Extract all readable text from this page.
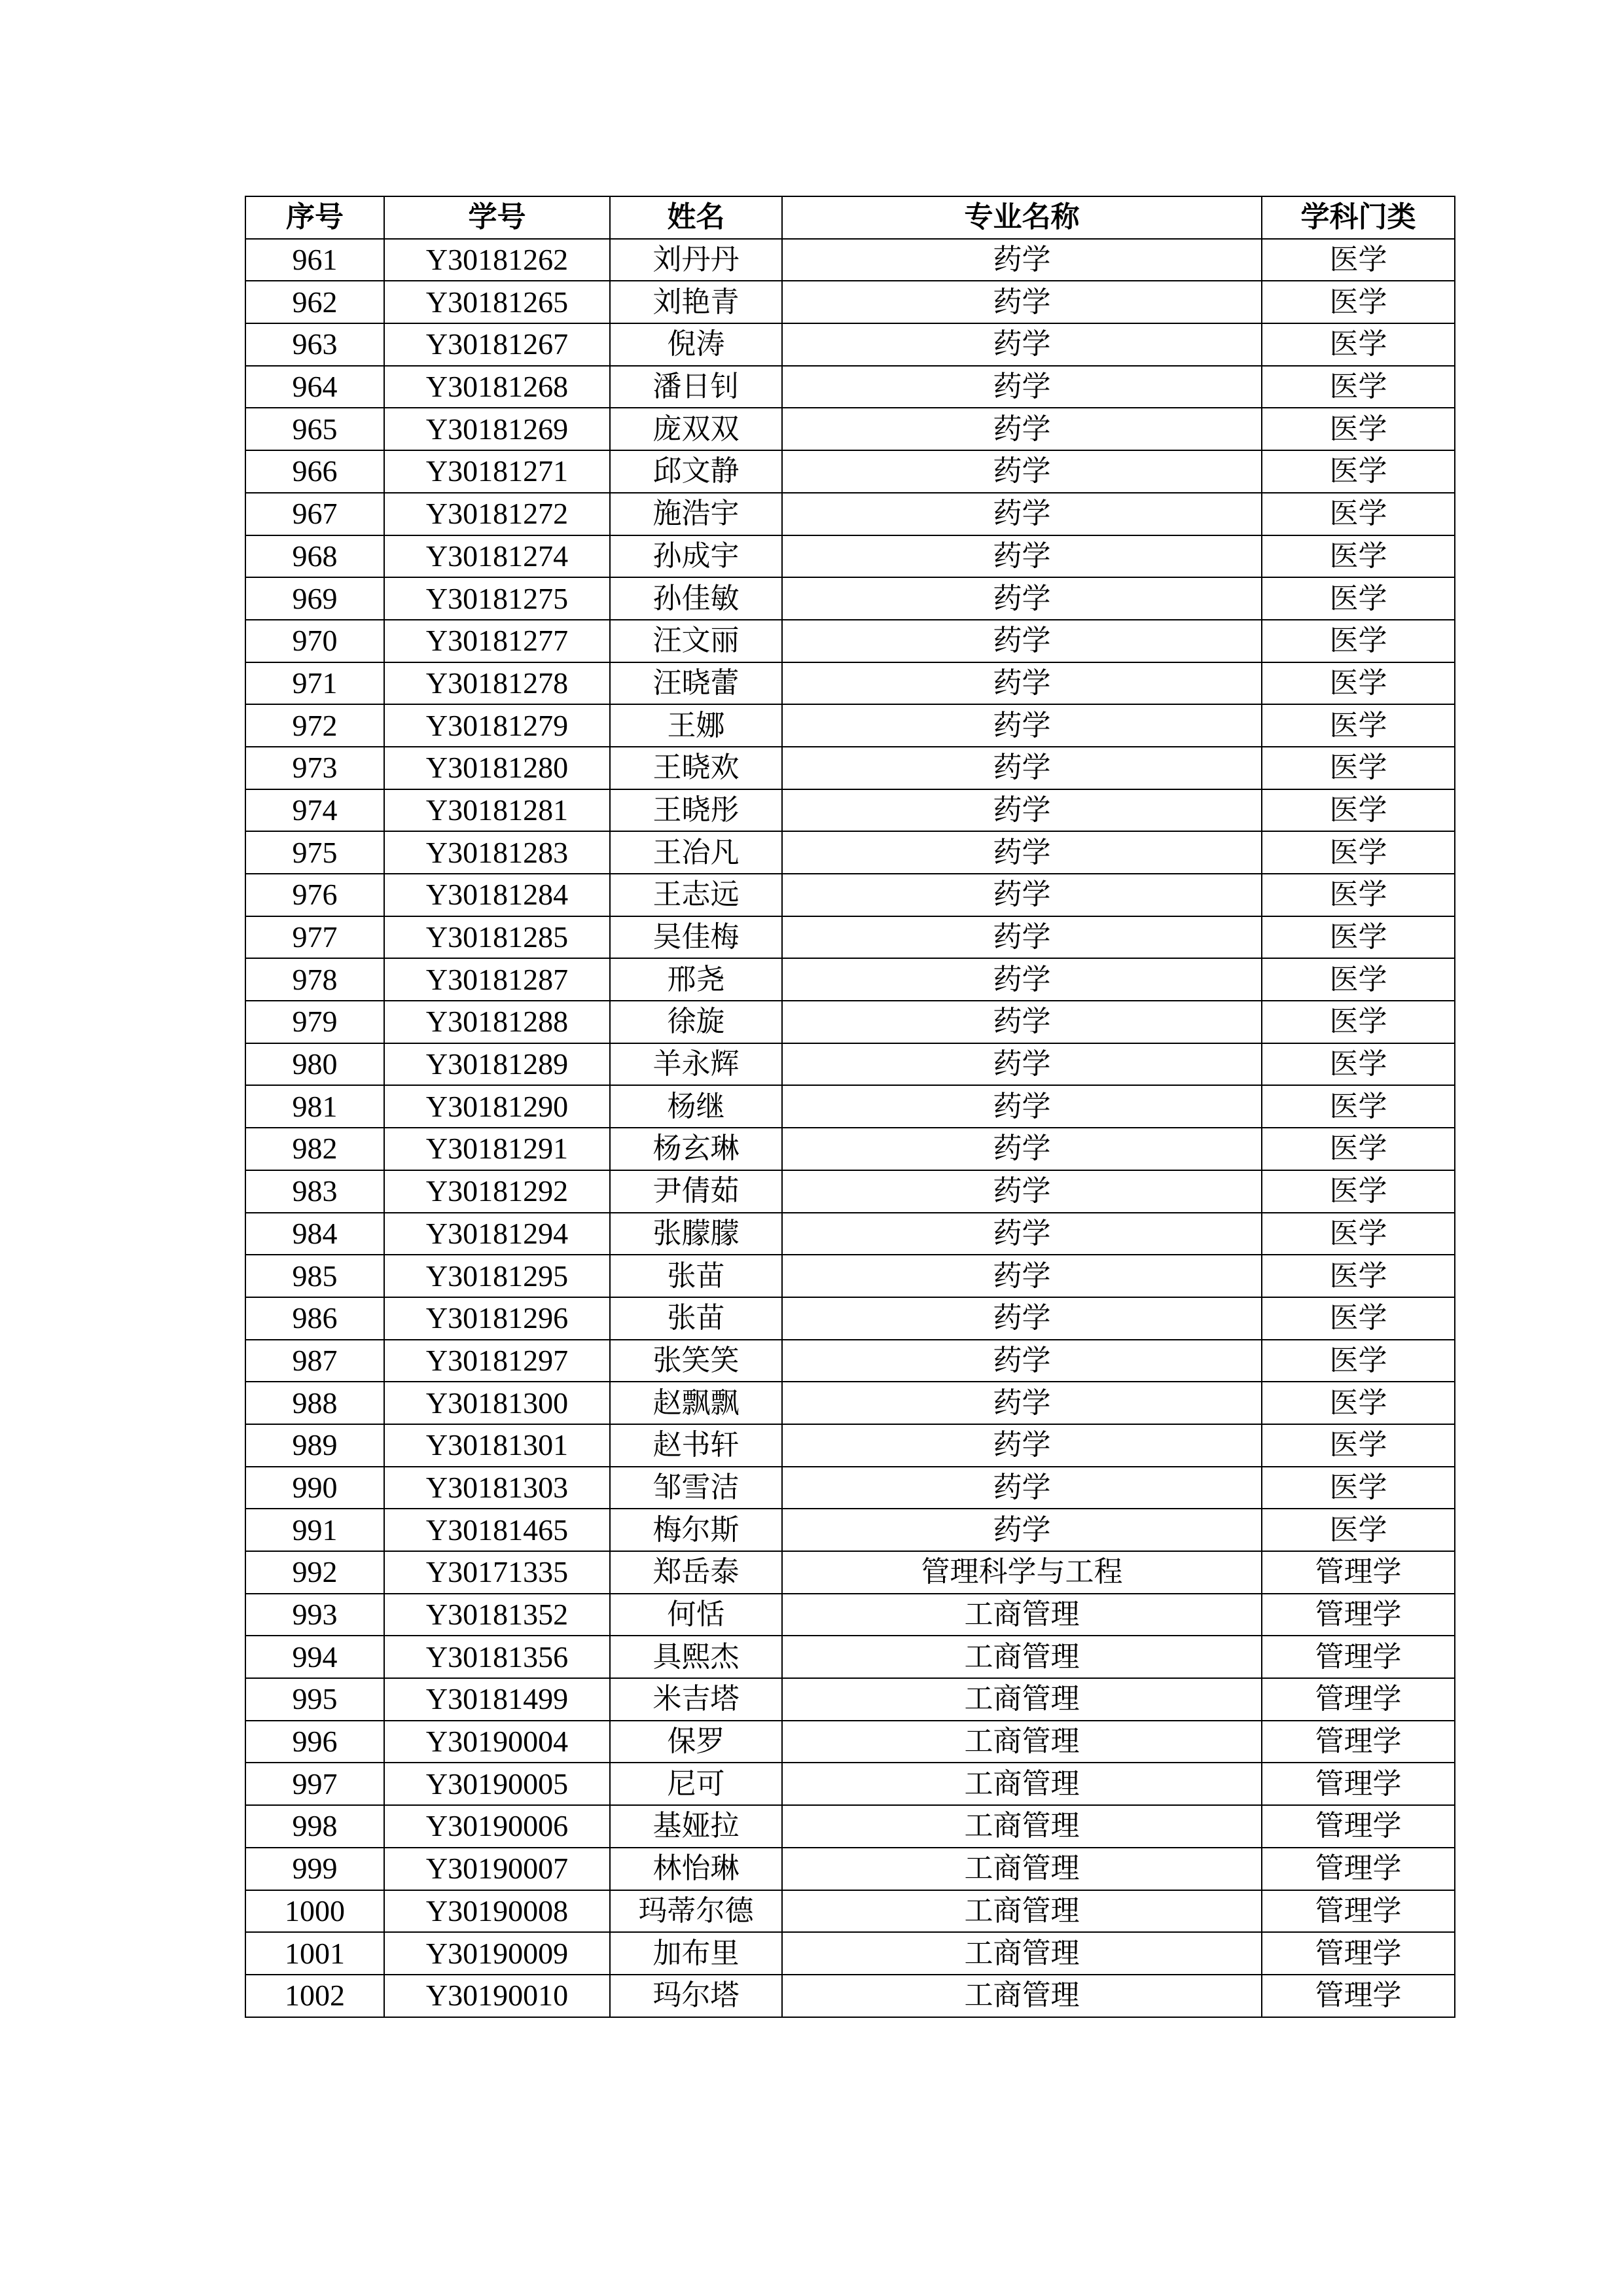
序号	学号	姓名	专业名称	学科门类
961	Y30181262	刘丹丹	药学	医学
962	Y30181265	刘艳青	药学	医学
963	Y30181267	倪涛	药学	医学
964	Y30181268	潘日钊	药学	医学
965	Y30181269	庞双双	药学	医学
966	Y30181271	邱文静	药学	医学
967	Y30181272	施浩宇	药学	医学
968	Y30181274	孙成宇	药学	医学
969	Y30181275	孙佳敏	药学	医学
970	Y30181277	汪文丽	药学	医学
971	Y30181278	汪晓蕾	药学	医学
972	Y30181279	王娜	药学	医学
973	Y30181280	王晓欢	药学	医学
974	Y30181281	王晓彤	药学	医学
975	Y30181283	王冶凡	药学	医学
976	Y30181284	王志远	药学	医学
977	Y30181285	吴佳梅	药学	医学
978	Y30181287	邢尧	药学	医学
979	Y30181288	徐旋	药学	医学
980	Y30181289	羊永辉	药学	医学
981	Y30181290	杨继	药学	医学
982	Y30181291	杨玄琳	药学	医学
983	Y30181292	尹倩茹	药学	医学
984	Y30181294	张朦朦	药学	医学
985	Y30181295	张苗	药学	医学
986	Y30181296	张苗	药学	医学
987	Y30181297	张笑笑	药学	医学
988	Y30181300	赵飘飘	药学	医学
989	Y30181301	赵书轩	药学	医学
990	Y30181303	邹雪洁	药学	医学
991	Y30181465	梅尔斯	药学	医学
992	Y30171335	郑岳泰	管理科学与工程	管理学
993	Y30181352	何恬	工商管理	管理学
994	Y30181356	具熙杰	工商管理	管理学
995	Y30181499	米吉塔	工商管理	管理学
996	Y30190004	保罗	工商管理	管理学
997	Y30190005	尼可	工商管理	管理学
998	Y30190006	基娅拉	工商管理	管理学
999	Y30190007	林怡琳	工商管理	管理学
1000	Y30190008	玛蒂尔德	工商管理	管理学
1001	Y30190009	加布里	工商管理	管理学
1002	Y30190010	玛尔塔	工商管理	管理学
